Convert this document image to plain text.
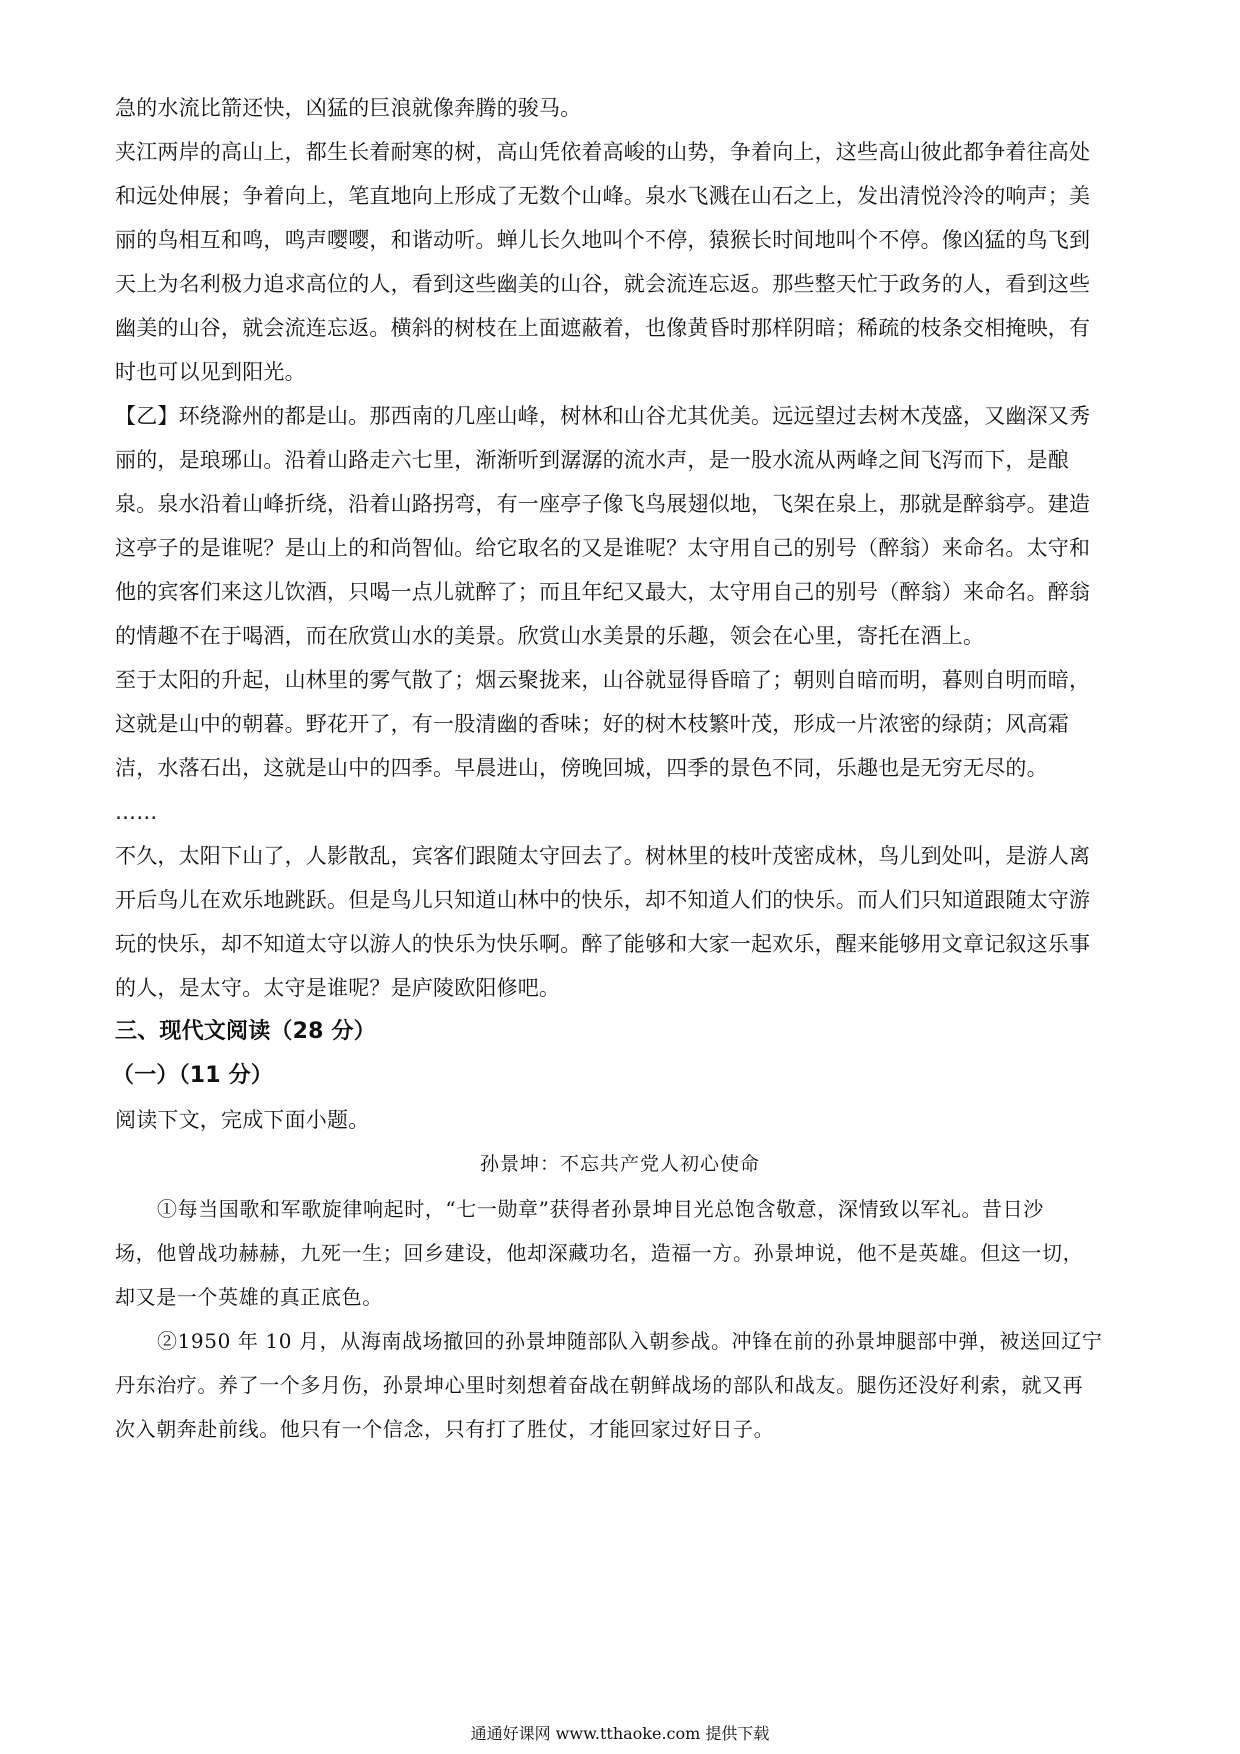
急的水流比箭还快，凶猛的巨浪就像奔腾的骏马。
夹江两岸的高山上，都生长着耐寒的树，高山凭依着高峻的山势，争着向上，这些高山彼此都争着往高处
和远处伸展；争着向上，笔直地向上形成了无数个山峰。泉水飞溅在山石之上，发出清悦泠泠的响声；美
丽的鸟相互和鸣，鸣声嘤嘤，和谐动听。蝉儿长久地叫个不停，猿猴长时间地叫个不停。像凶猛的鸟飞到
天上为名利极力追求高位的人，看到这些幽美的山谷，就会流连忘返。那些整天忙于政务的人，看到这些
幽美的山谷，就会流连忘返。横斜的树枝在上面遮蔽着，也像黄昏时那样阴暗；稀疏的枝条交相掩映，有
时也可以见到阳光。
【乙】环绕滁州的都是山。那西南的几座山峰，树林和山谷尤其优美。远远望过去树木茂盛，又幽深又秀
丽的，是琅琊山。沿着山路走六七里，渐渐听到潺潺的流水声，是一股水流从两峰之间飞泻而下，是酿
泉。泉水沿着山峰折绕，沿着山路拐弯，有一座亭子像飞鸟展翅似地，飞架在泉上，那就是醉翁亭。建造
这亭子的是谁呢？是山上的和尚智仙。给它取名的又是谁呢？太守用自己的别号（醉翁）来命名。太守和
他的宾客们来这儿饮酒，只喝一点儿就醉了；而且年纪又最大，太守用自己的别号（醉翁）来命名。醉翁
的情趣不在于喝酒，而在欣赏山水的美景。欣赏山水美景的乐趣，领会在心里，寄托在酒上。
至于太阳的升起，山林里的雾气散了；烟云聚拢来，山谷就显得昏暗了；朝则自暗而明，暮则自明而暗，
这就是山中的朝暮。野花开了，有一股清幽的香味；好的树木枝繁叶茂，形成一片浓密的绿荫；风高霜
洁，水落石出，这就是山中的四季。早晨进山，傍晚回城，四季的景色不同，乐趣也是无穷无尽的。
……
不久，太阳下山了，人影散乱，宾客们跟随太守回去了。树林里的枝叶茂密成林，鸟儿到处叫，是游人离
开后鸟儿在欢乐地跳跃。但是鸟儿只知道山林中的快乐，却不知道人们的快乐。而人们只知道跟随太守游
玩的快乐，却不知道太守以游人的快乐为快乐啊。醉了能够和大家一起欢乐，醒来能够用文章记叙这乐事
的人，是太守。太守是谁呢？是庐陵欧阳修吧。
三、现代文阅读（28 分）
（一）（11 分）
阅读下文，完成下面小题。
孙景坤：不忘共产党人初心使命
①每当国歌和军歌旋律响起时，“七一勋章”获得者孙景坤目光总饱含敬意，深情致以军礼。昔日沙
场，他曾战功赫赫，九死一生；回乡建设，他却深藏功名，造福一方。孙景坤说，他不是英雄。但这一切，
却又是一个英雄的真正底色。
②1950 年 10 月，从海南战场撤回的孙景坤随部队入朝参战。冲锋在前的孙景坤腿部中弹，被送回辽宁
丹东治疗。养了一个多月伤，孙景坤心里时刻想着奋战在朝鲜战场的部队和战友。腿伤还没好利索，就又再
次入朝奔赴前线。他只有一个信念，只有打了胜仗，才能回家过好日子。
通通好课网 www.tthaoke.com 提供下载
